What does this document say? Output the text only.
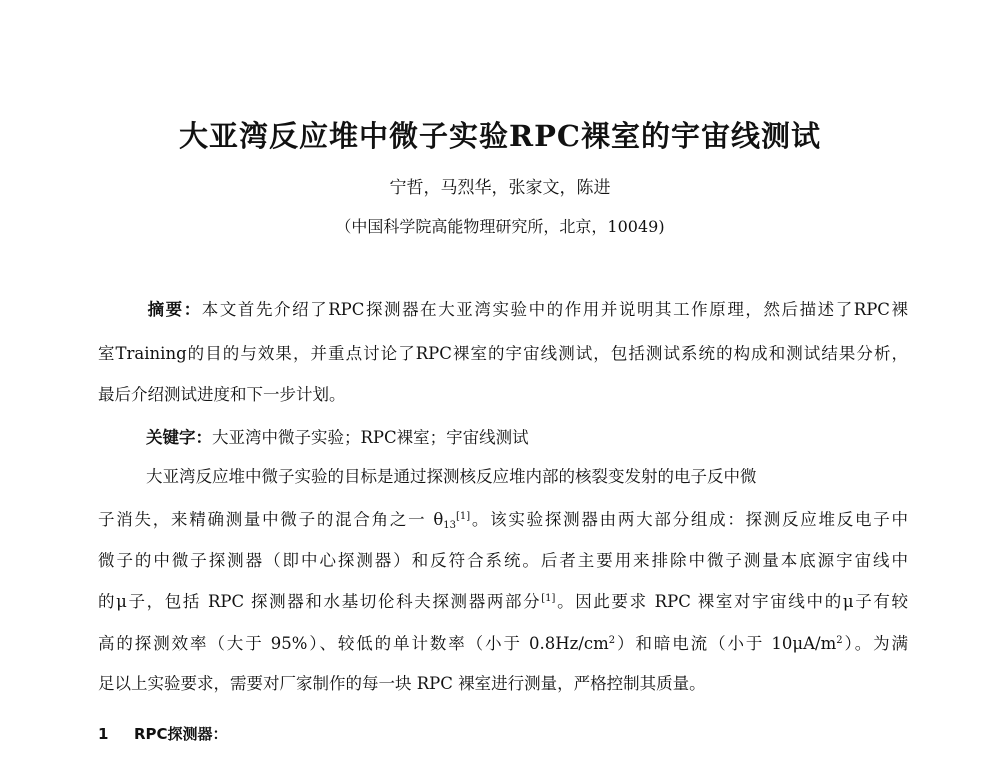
大亚湾反应堆中微子实验RPC裸室的宇宙线测试
宁哲，马烈华，张家文，陈进
（中国科学院高能物理研究所，北京，10049)
摘要：本文首先介绍了RPC探测器在大亚湾实验中的作用并说明其工作原理，然后描述了RPC裸
室Training的目的与效果，并重点讨论了RPC裸室的宇宙线测试，包括测试系统的构成和测试结果分析，
最后介绍测试进度和下一步计划。
关键字：大亚湾中微子实验；RPC裸室；宇宙线测试
大亚湾反应堆中微子实验的目标是通过探测核反应堆内部的核裂变发射的电子反中微
子消失，来精确测量中微子的混合角之一 $\theta_{13}[1]$。该实验探测器由两大部分组成：探测反应堆反电子中
微子的中微子探测器（即中心探测器）和反符合系统。后者主要用来排除中微子测量本底源宇宙线中
的μ子，包括 RPC 探测器和水基切伦科夫探测器两部分[1]。因此要求 RPC 裸室对宇宙线中的μ子有较
高的探测效率（大于 95%）、较低的单计数率（小于 $0.8Hz/cm^2$）和暗电流（小于 $10\mu A/m^2$）。为满
足以上实验要求，需要对厂家制作的每一块 RPC 裸室进行测量，严格控制其质量。
1 RPC探测器：
